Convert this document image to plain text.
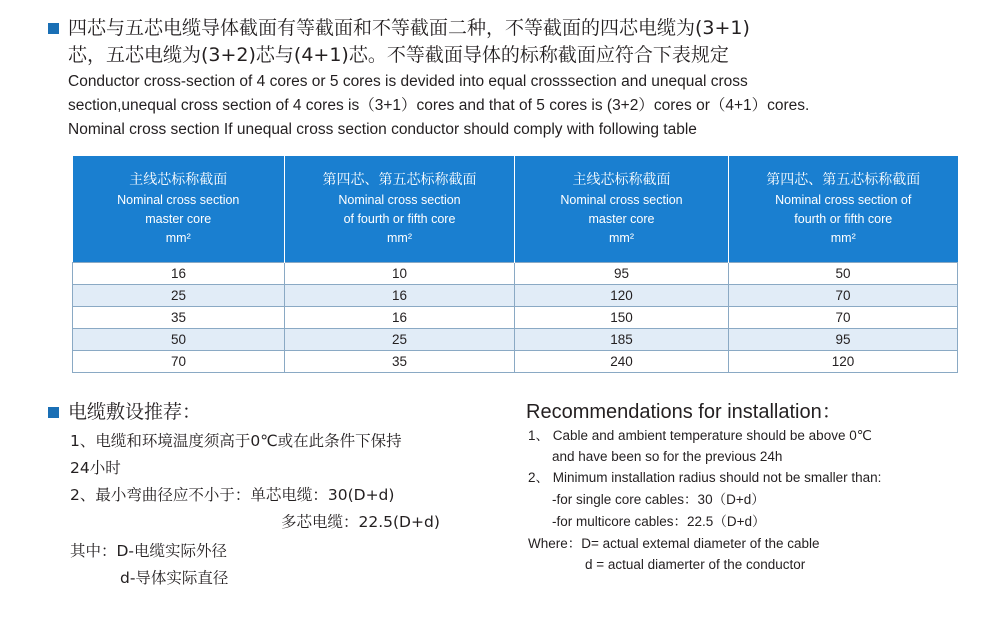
四芯与五芯电缆导体截面有等截面和不等截面二种，不等截面的四芯电缆为(3+1)
芯，五芯电缆为(3+2)芯与(4+1)芯。不等截面导体的标称截面应符合下表规定
Conductor cross-section of 4 cores or 5 cores is devided into equal crosssection and unequal cross
section,unequal cross section of 4 cores is（3+1）cores and that of 5 cores is (3+2）cores or（4+1）cores.
Nominal cross section If unequal cross section conductor should comply with following table
主线芯标称截面
Nominal cross section
master core
mm²	第四芯、第五芯标称截面
Nominal cross section
of fourth or fifth core
mm²	主线芯标称截面
Nominal cross section
master core
mm²	第四芯、第五芯标称截面
Nominal cross section of
fourth or fifth core
mm²

16	10	95	50
25	16	120	70
35	16	150	70
50	25	185	95
70	35	240	120
电缆敷设推荐：
1、电缆和环境温度须高于0℃或在此条件下保持
24小时
2、最小弯曲径应不小于：单芯电缆：30(D+d)
多芯电缆：22.5(D+d)
其中：D-电缆实际外径
d-导体实际直径
Recommendations for installation：
1、 Cable and ambient temperature should be above 0℃
and have been so for the previous 24h
2、 Minimum installation radius should not be smaller than:
-for single core cables：30（D+d）
-for multicore cables：22.5（D+d）
Where：D= actual extemal diameter of the cable
d = actual diamerter of the conductor
